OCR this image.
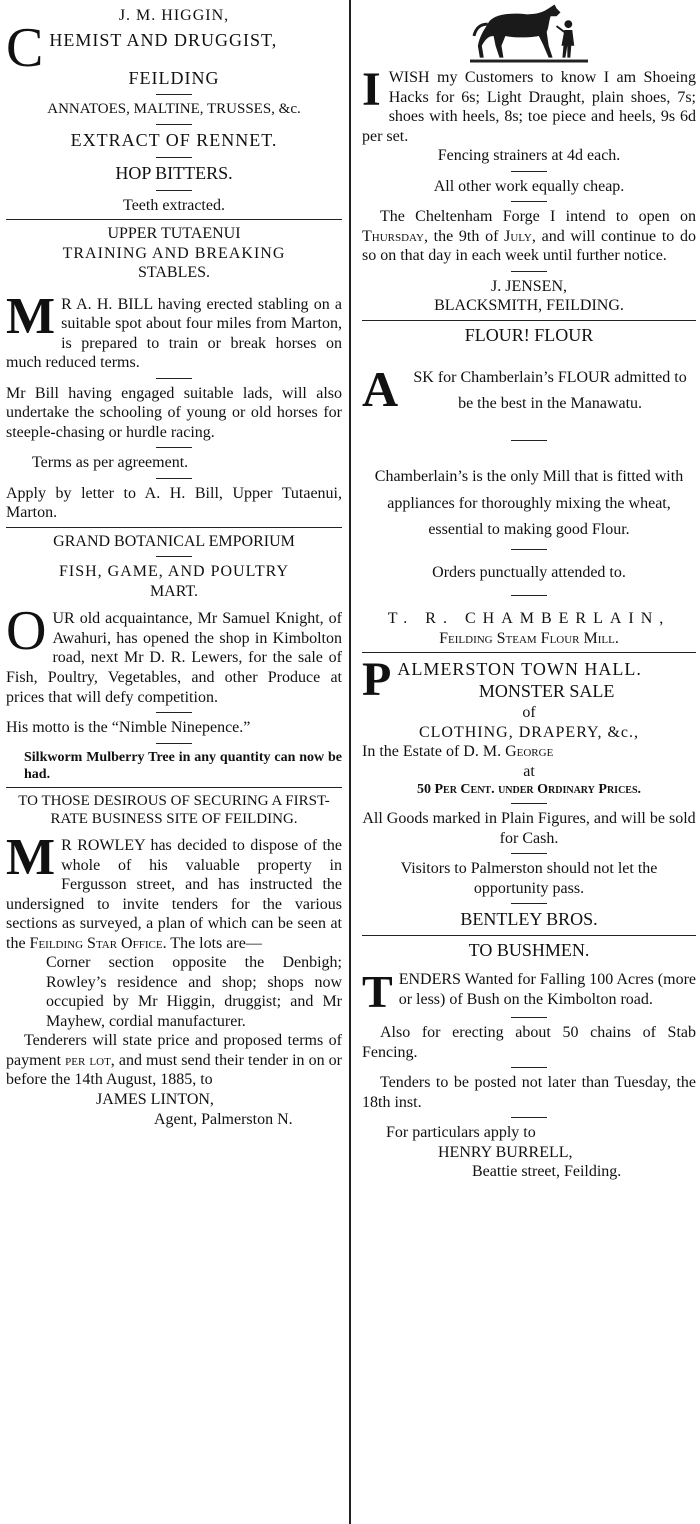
J. M. HIGGIN,

C HEMIST AND DRUGGIST,

FEILDING

ANNATOES, MALTINE, TRUSSES, &c.

EXTRACT OF RENNET.

HOP BITTERS.

Teeth extracted.

UPPER TUTAENUI

TRAINING AND BREAKING

STABLES.

M R A. H. BILL having erected stabling on a suitable spot about four miles from Marton, is prepared to train or break horses on much reduced terms.

Mr Bill having engaged suitable lads, will also undertake the schooling of young or old horses for steeple-chasing or hurdle racing.

Terms as per agreement.

Apply by letter to A. H. Bill, Upper Tutaenui, Marton.

GRAND BOTANICAL EMPORIUM

FISH, GAME, AND POULTRY

MART.

O UR old acquaintance, Mr Samuel Knight, of Awahuri, has opened the shop in Kimbolton road, next Mr D. R. Lewers, for the sale of Fish, Poultry, Vegetables, and other Produce at prices that will defy competition.

His motto is the “Nimble Ninepence.”

Silkworm Mulberry Tree in any quantity can now be had.

TO THOSE DESIROUS OF SECURING A FIRST-RATE BUSINESS SITE OF FEILDING.

M R ROWLEY has decided to dispose of the whole of his valuable property in Fergusson street, and has instructed the undersigned to invite tenders for the various sections as surveyed, a plan of which can be seen at the Feilding Star Office. The lots are—

Corner section opposite the Denbigh; Rowley’s residence and shop; shops now occupied by Mr Higgin, druggist; and Mr Mayhew, cordial manufacturer.

Tenderers will state price and proposed terms of payment per lot, and must send their tender in on or before the 14th August, 1885, to

JAMES LINTON,

Agent, Palmerston N.

I WISH my Customers to know I am Shoeing Hacks for 6s; Light Draught, plain shoes, 7s; shoes with heels, 8s; toe piece and heels, 9s 6d per set.

Fencing strainers at 4d each.

All other work equally cheap.

The Cheltenham Forge I intend to open on Thursday, the 9th of July, and will continue to do so on that day in each week until further notice.

J. JENSEN,

BLACKSMITH, FEILDING.

FLOUR! FLOUR

A SK for Chamberlain’s FLOUR admitted to be the best in the Manawatu.

Chamberlain’s is the only Mill that is fitted with appliances for thoroughly mixing the wheat, essential to making good Flour.

Orders punctually attended to.

T. R. CHAMBERLAIN,

Feilding Steam Flour Mill.

P ALMERSTON TOWN HALL.

MONSTER SALE

of

CLOTHING, DRAPERY, &c.,

In the Estate of D. M. George

at

50 Per Cent. under Ordinary Prices.

All Goods marked in Plain Figures, and will be sold for Cash.

Visitors to Palmerston should not let the opportunity pass.

BENTLEY BROS.

TO BUSHMEN.

T ENDERS Wanted for Falling 100 Acres (more or less) of Bush on the Kimbolton road.

Also for erecting about 50 chains of Stab Fencing.

Tenders to be posted not later than Tuesday, the 18th inst.

For particulars apply to

HENRY BURRELL,

Beattie street, Feilding.
